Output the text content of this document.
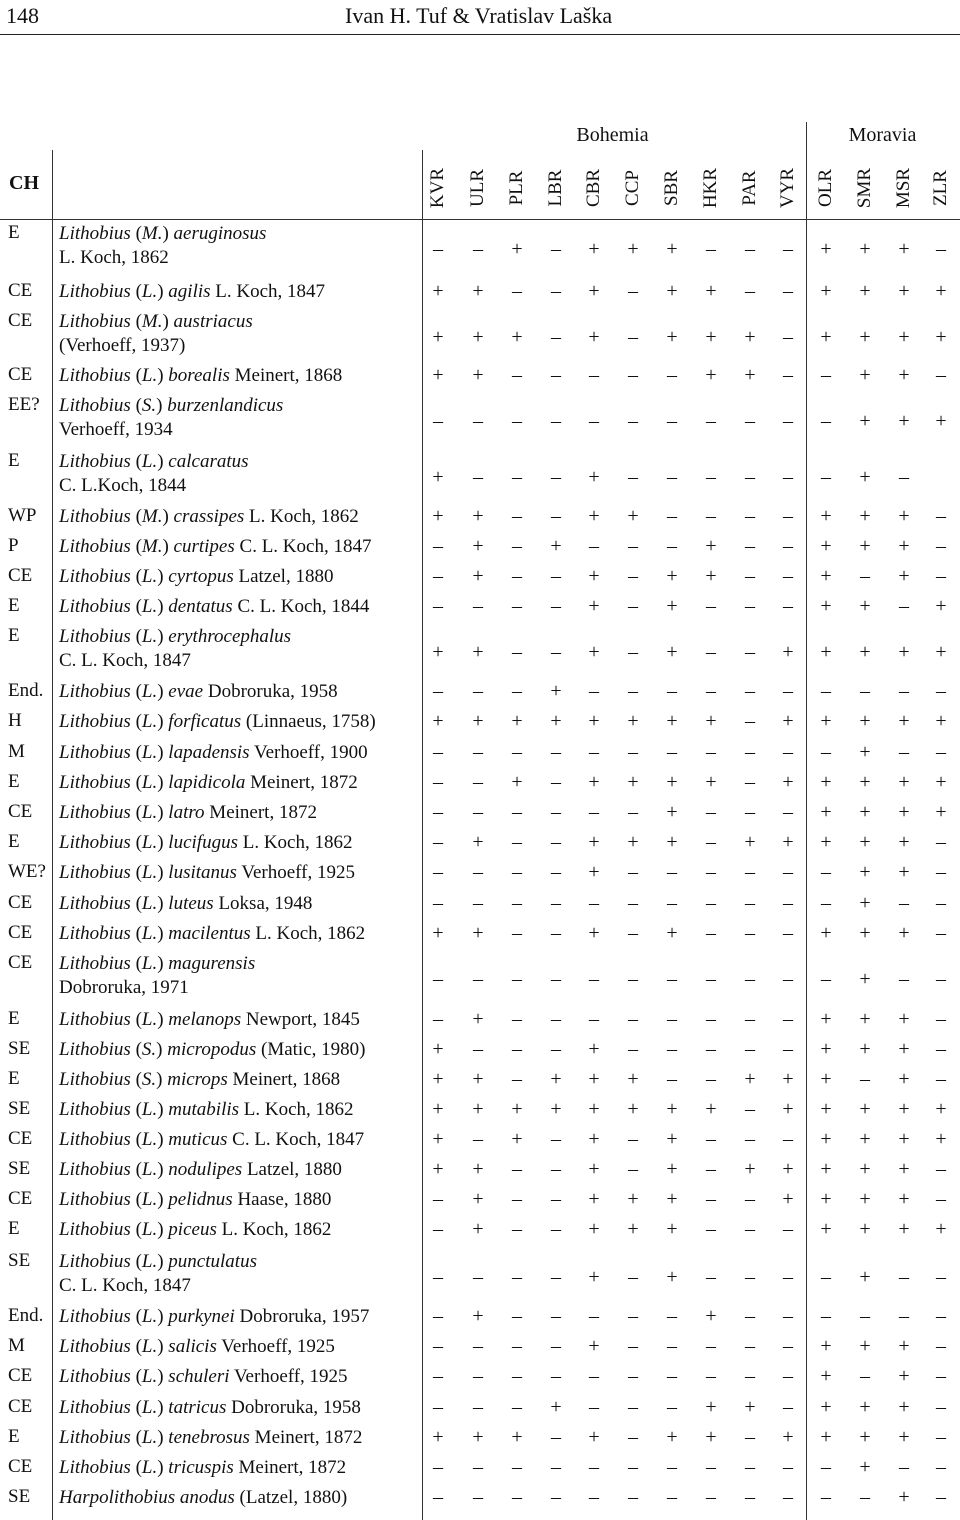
148	Ivan H. Tuf & Vratislav Laška
Bohemia	Moravia
CH	KVR ULR PLR LBR CBR CCP SBR HKR PAR VYR OLR SMR MSR ZLR
E Lithobius (M.) aeruginosus
L. Koch, 1862	–	–	+	–	+	+	+	–	–	–	+	+	+	–
CE Lithobius (L.) agilis L. Koch, 1847	+	+	–	–	+	–	+	+	–	–	+	+	+	+
CE Lithobius (M.) austriacus
(Verhoeff, 1937)	+	+	+	–	+	–	+	+	+	–	+	+	+	+
CE Lithobius (L.) borealis Meinert, 1868	+	+	–	–	–	–	–	+	+	–	–	+	+	–
EE? Lithobius (S.) burzenlandicus
Verhoeff, 1934	–	–	–	–	–	–	–	–	–	–	–	+	+	+
E Lithobius (L.) calcaratus
C. L.Koch, 1844	+	–	–	–	+	–	–	–	–	–	–	+	–
WP Lithobius (M.) crassipes L. Koch, 1862	+	+	–	–	+	+	–	–	–	–	+	+	+	–
P Lithobius (M.) curtipes C. L. Koch, 1847	–	+	–	+	–	–	–	+	–	–	+	+	+	–
CE Lithobius (L.) cyrtopus Latzel, 1880	–	+	–	–	+	–	+	+	–	–	+	–	+	–
E Lithobius (L.) dentatus C. L. Koch, 1844	–	–	–	–	+	–	+	–	–	–	+	+	–	+
E Lithobius (L.) erythrocephalus
C. L. Koch, 1847	+	+	–	–	+	–	+	–	–	+	+	+	+	+
End. Lithobius (L.) evae Dobroruka, 1958	–	–	–	+	–	–	–	–	–	–	–	–	–	–
H Lithobius (L.) forficatus (Linnaeus, 1758)	+	+	+	+	+	+	+	+	–	+	+	+	+	+
M Lithobius (L.) lapadensis Verhoeff, 1900	–	–	–	–	–	–	–	–	–	–	–	+	–	–
E Lithobius (L.) lapidicola Meinert, 1872	–	–	+	–	+	+	+	+	–	+	+	+	+	+
CE Lithobius (L.) latro Meinert, 1872	–	–	–	–	–	–	+	–	–	–	+	+	+	+
E Lithobius (L.) lucifugus L. Koch, 1862	–	+	–	–	+	+	+	–	+	+	+	+	+	–
WE? Lithobius (L.) lusitanus Verhoeff, 1925	–	–	–	–	+	–	–	–	–	–	–	+	+	–
CE Lithobius (L.) luteus Loksa, 1948	–	–	–	–	–	–	–	–	–	–	–	+	–	–
CE Lithobius (L.) macilentus L. Koch, 1862	+	+	–	–	+	–	+	–	–	–	+	+	+	–
CE Lithobius (L.) magurensis
Dobroruka, 1971	–	–	–	–	–	–	–	–	–	–	–	+	–	–
E Lithobius (L.) melanops Newport, 1845	–	+	–	–	–	–	–	–	–	–	+	+	+	–
SE Lithobius (S.) micropodus (Matic, 1980)	+	–	–	–	+	–	–	–	–	–	+	+	+	–
E Lithobius (S.) microps Meinert, 1868	+	+	–	+	+	+	–	–	+	+	+	–	+	–
SE Lithobius (L.) mutabilis L. Koch, 1862	+	+	+	+	+	+	+	+	–	+	+	+	+	+
CE Lithobius (L.) muticus C. L. Koch, 1847	+	–	+	–	+	–	+	–	–	–	+	+	+	+
SE Lithobius (L.) nodulipes Latzel, 1880	+	+	–	–	+	–	+	–	+	+	+	+	+	–
CE Lithobius (L.) pelidnus Haase, 1880	–	+	–	–	+	+	+	–	–	+	+	+	+	–
E Lithobius (L.) piceus L. Koch, 1862	–	+	–	–	+	+	+	–	–	–	+	+	+	+
SE Lithobius (L.) punctulatus
C. L. Koch, 1847	–	–	–	–	+	–	+	–	–	–	–	+	–	–
End. Lithobius (L.) purkynei Dobroruka, 1957	–	+	–	–	–	–	–	+	–	–	–	–	–	–
M Lithobius (L.) salicis Verhoeff, 1925	–	–	–	–	+	–	–	–	–	–	+	+	+	–
CE Lithobius (L.) schuleri Verhoeff, 1925	–	–	–	–	–	–	–	–	–	–	+	–	+	–
CE Lithobius (L.) tatricus Dobroruka, 1958	–	–	–	+	–	–	–	+	+	–	+	+	+	–
E Lithobius (L.) tenebrosus Meinert, 1872	+	+	+	–	+	–	+	+	–	+	+	+	+	–
CE Lithobius (L.) tricuspis Meinert, 1872	–	–	–	–	–	–	–	–	–	–	–	+	–	–
SE Harpolithobius anodus (Latzel, 1880)	–	–	–	–	–	–	–	–	–	–	–	–	+	–
